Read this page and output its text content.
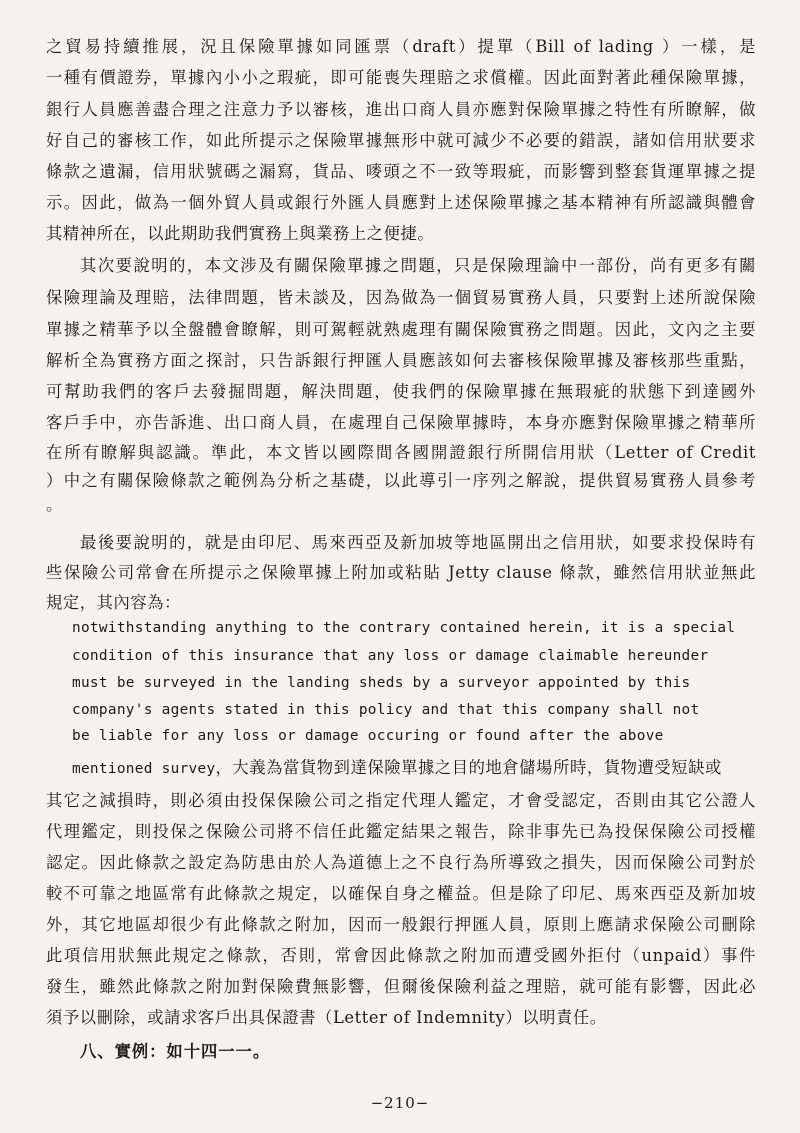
之貿易持續推展，況且保險單據如同匯票（draft）提單（Bill of lading ）一樣，是
一種有價證券，單據內小小之瑕疵，即可能喪失理賠之求償權。因此面對著此種保險單據，
銀行人員應善盡合理之注意力予以審核，進出口商人員亦應對保險單據之特性有所瞭解，做
好自己的審核工作，如此所提示之保險單據無形中就可減少不必要的錯誤，諸如信用狀要求
條款之遺漏，信用狀號碼之漏寫，貨品、嘜頭之不一致等瑕疵，而影響到整套貨運單據之提
示。因此，做為一個外貿人員或銀行外匯人員應對上述保險單據之基本精神有所認識與體會
其精神所在，以此期助我們實務上與業務上之便捷。
其次要說明的，本文涉及有關保險單據之問題，只是保險理論中一部份，尚有更多有關
保險理論及理賠，法律問題，皆未談及，因為做為一個貿易實務人員，只要對上述所說保險
單據之精華予以全盤體會瞭解，則可駕輕就熟處理有關保險實務之問題。因此，文內之主要
解析全為實務方面之探討，只告訴銀行押匯人員應該如何去審核保險單據及審核那些重點，
可幫助我們的客戶去發掘問題，解決問題，使我們的保險單據在無瑕疵的狀態下到達國外
客戶手中，亦告訴進、出口商人員，在處理自己保險單據時，本身亦應對保險單據之精華所
在所有瞭解與認識。準此，本文皆以國際間各國開證銀行所開信用狀（Letter of Credit
）中之有關保險條款之範例為分析之基礎，以此導引一序列之解說，提供貿易實務人員參考
。
最後要說明的，就是由印尼、馬來西亞及新加坡等地區開出之信用狀，如要求投保時有
些保險公司常會在所提示之保險單據上附加或粘貼 Jetty clause 條款，雖然信用狀並無此
規定，其內容為：
notwithstanding anything to the contrary contained herein, it is a special
condition of this insurance that any loss or damage claimable hereunder
must be surveyed in the landing sheds by a surveyor appointed by this
company's agents stated in this policy and that this company shall not
be liable for any loss or damage occuring or found after the above
mentioned survey，大義為當貨物到達保險單據之目的地倉儲場所時，貨物遭受短缺或
其它之減損時，則必須由投保保險公司之指定代理人鑑定，才會受認定，否則由其它公證人
代理鑑定，則投保之保險公司將不信任此鑑定結果之報告，除非事先已為投保保險公司授權
認定。因此條款之設定為防患由於人為道德上之不良行為所導致之損失，因而保險公司對於
較不可靠之地區常有此條款之規定，以確保自身之權益。但是除了印尼、馬來西亞及新加坡
外，其它地區却很少有此條款之附加，因而一般銀行押匯人員，原則上應請求保險公司刪除
此項信用狀無此規定之條款，否則，常會因此條款之附加而遭受國外拒付（unpaid）事件
發生，雖然此條款之附加對保險費無影響，但爾後保險利益之理賠，就可能有影響，因此必
須予以刪除，或請求客戶出具保證書（Letter of Indemnity）以明責任。
八、實例：如十四一一。
−210−
